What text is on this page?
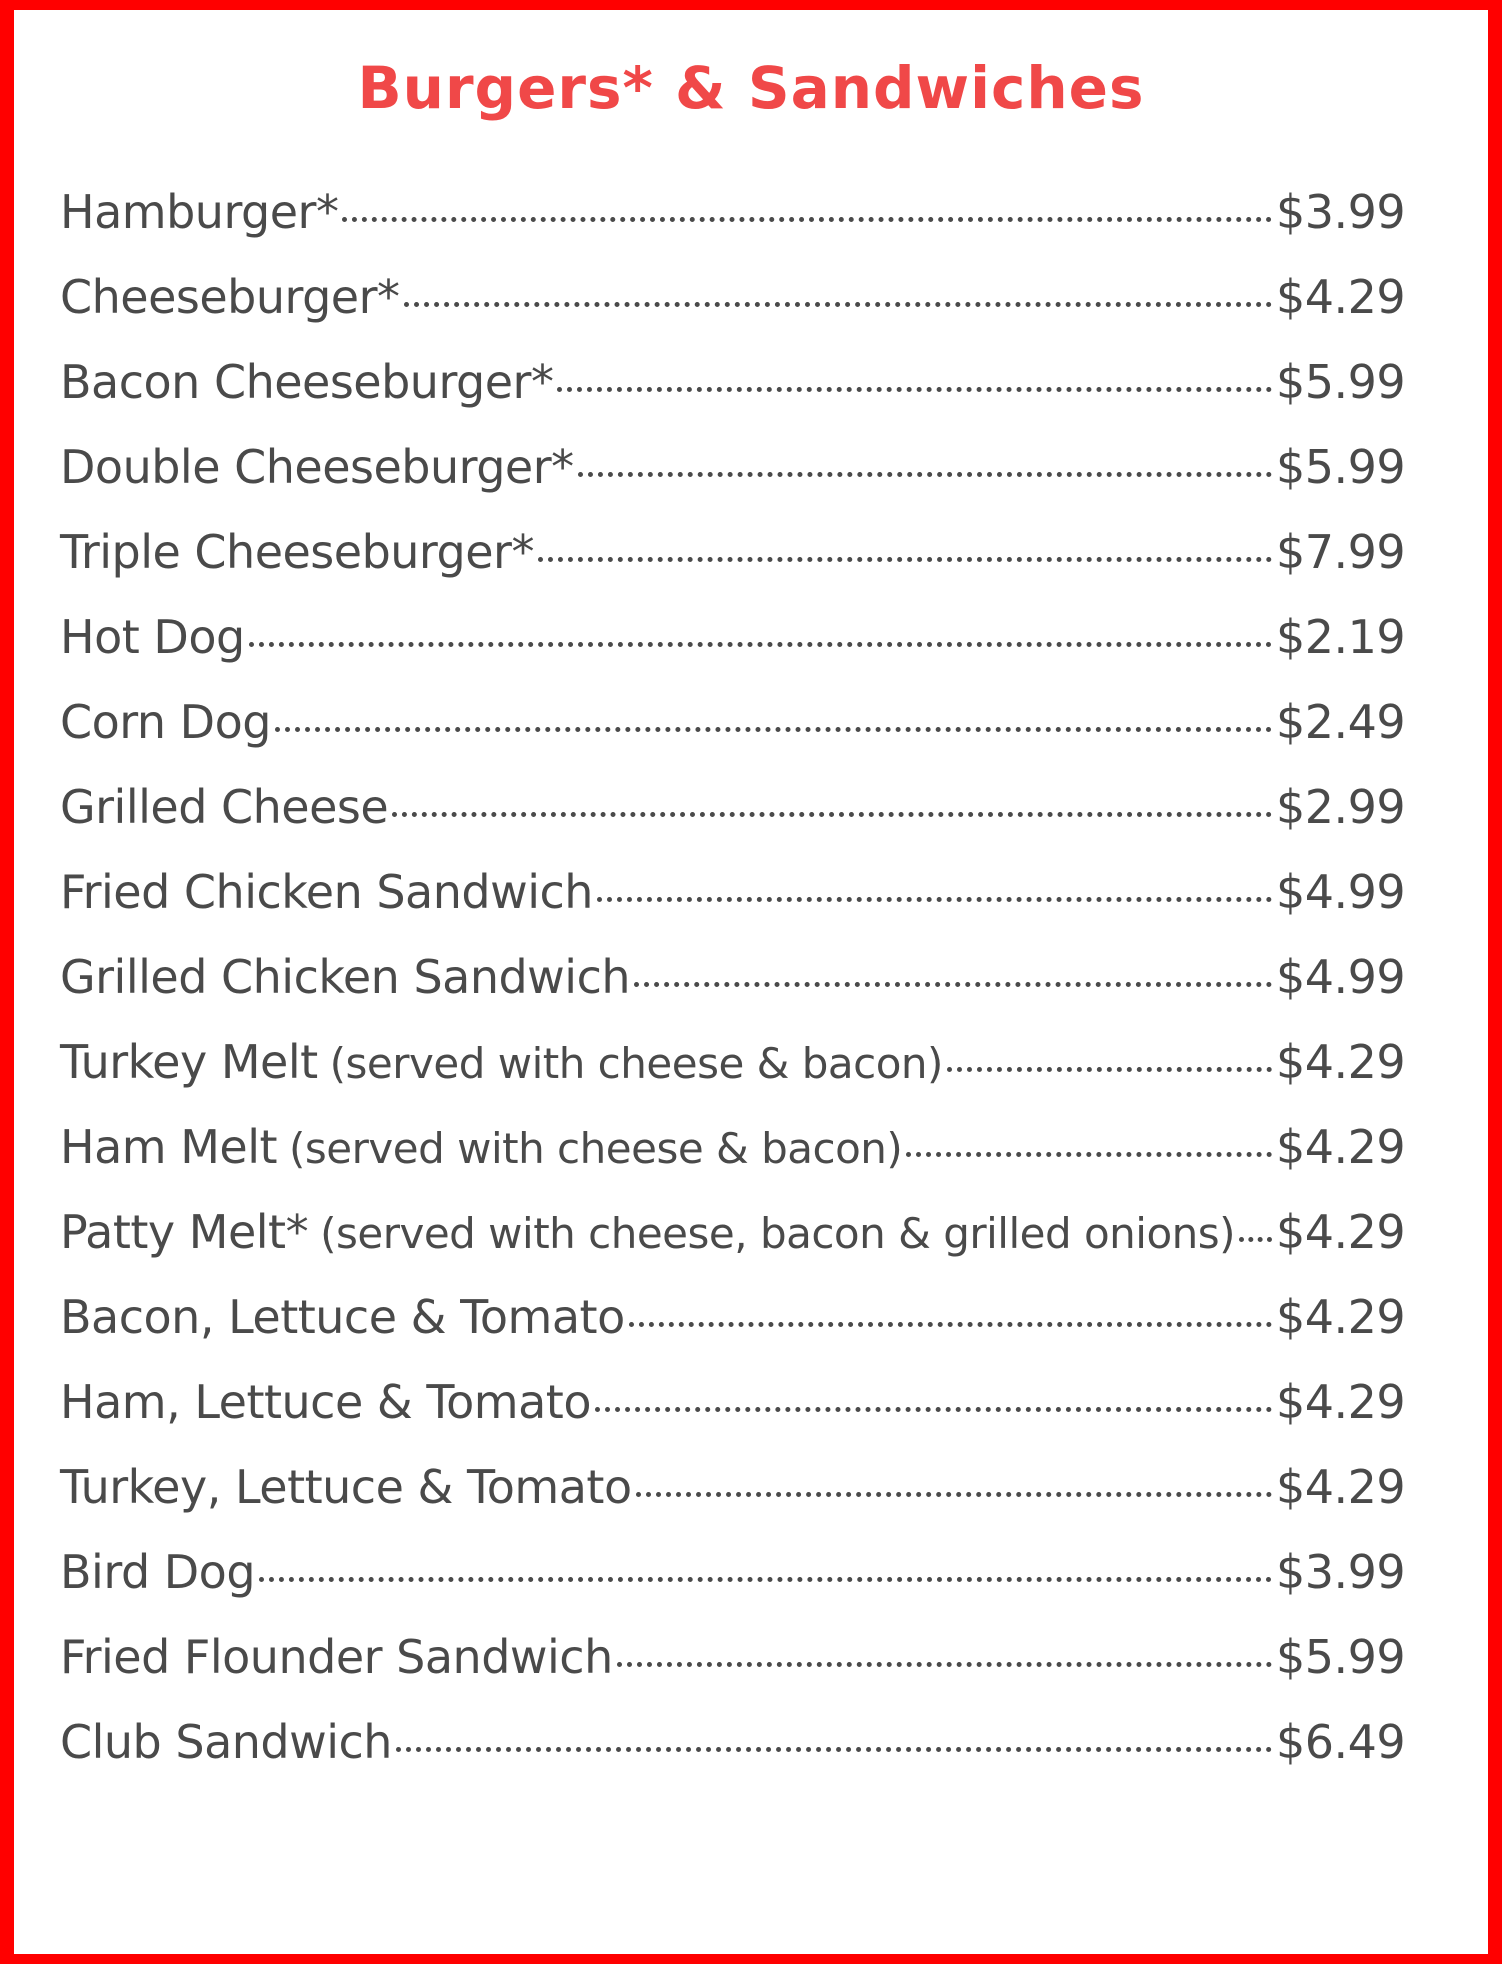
Burgers* & Sandwiches
Hamburger*	$3.99
Cheeseburger*	$4.29
Bacon Cheeseburger*	$5.99
Double Cheeseburger*	$5.99
Triple Cheeseburger*	$7.99
Hot Dog	$2.19
Corn Dog	$2.49
Grilled Cheese	$2.99
Fried Chicken Sandwich	$4.99
Grilled Chicken Sandwich	$4.99
Turkey Melt (served with cheese & bacon)	$4.29
Ham Melt (served with cheese & bacon)	$4.29
Patty Melt* (served with cheese, bacon & grilled onions) $4.29
Bacon, Lettuce & Tomato	$4.29
Ham, Lettuce & Tomato	$4.29
Turkey, Lettuce & Tomato	$4.29
Bird Dog	$3.99
Fried Flounder Sandwich	$5.99
Club Sandwich	$6.49
